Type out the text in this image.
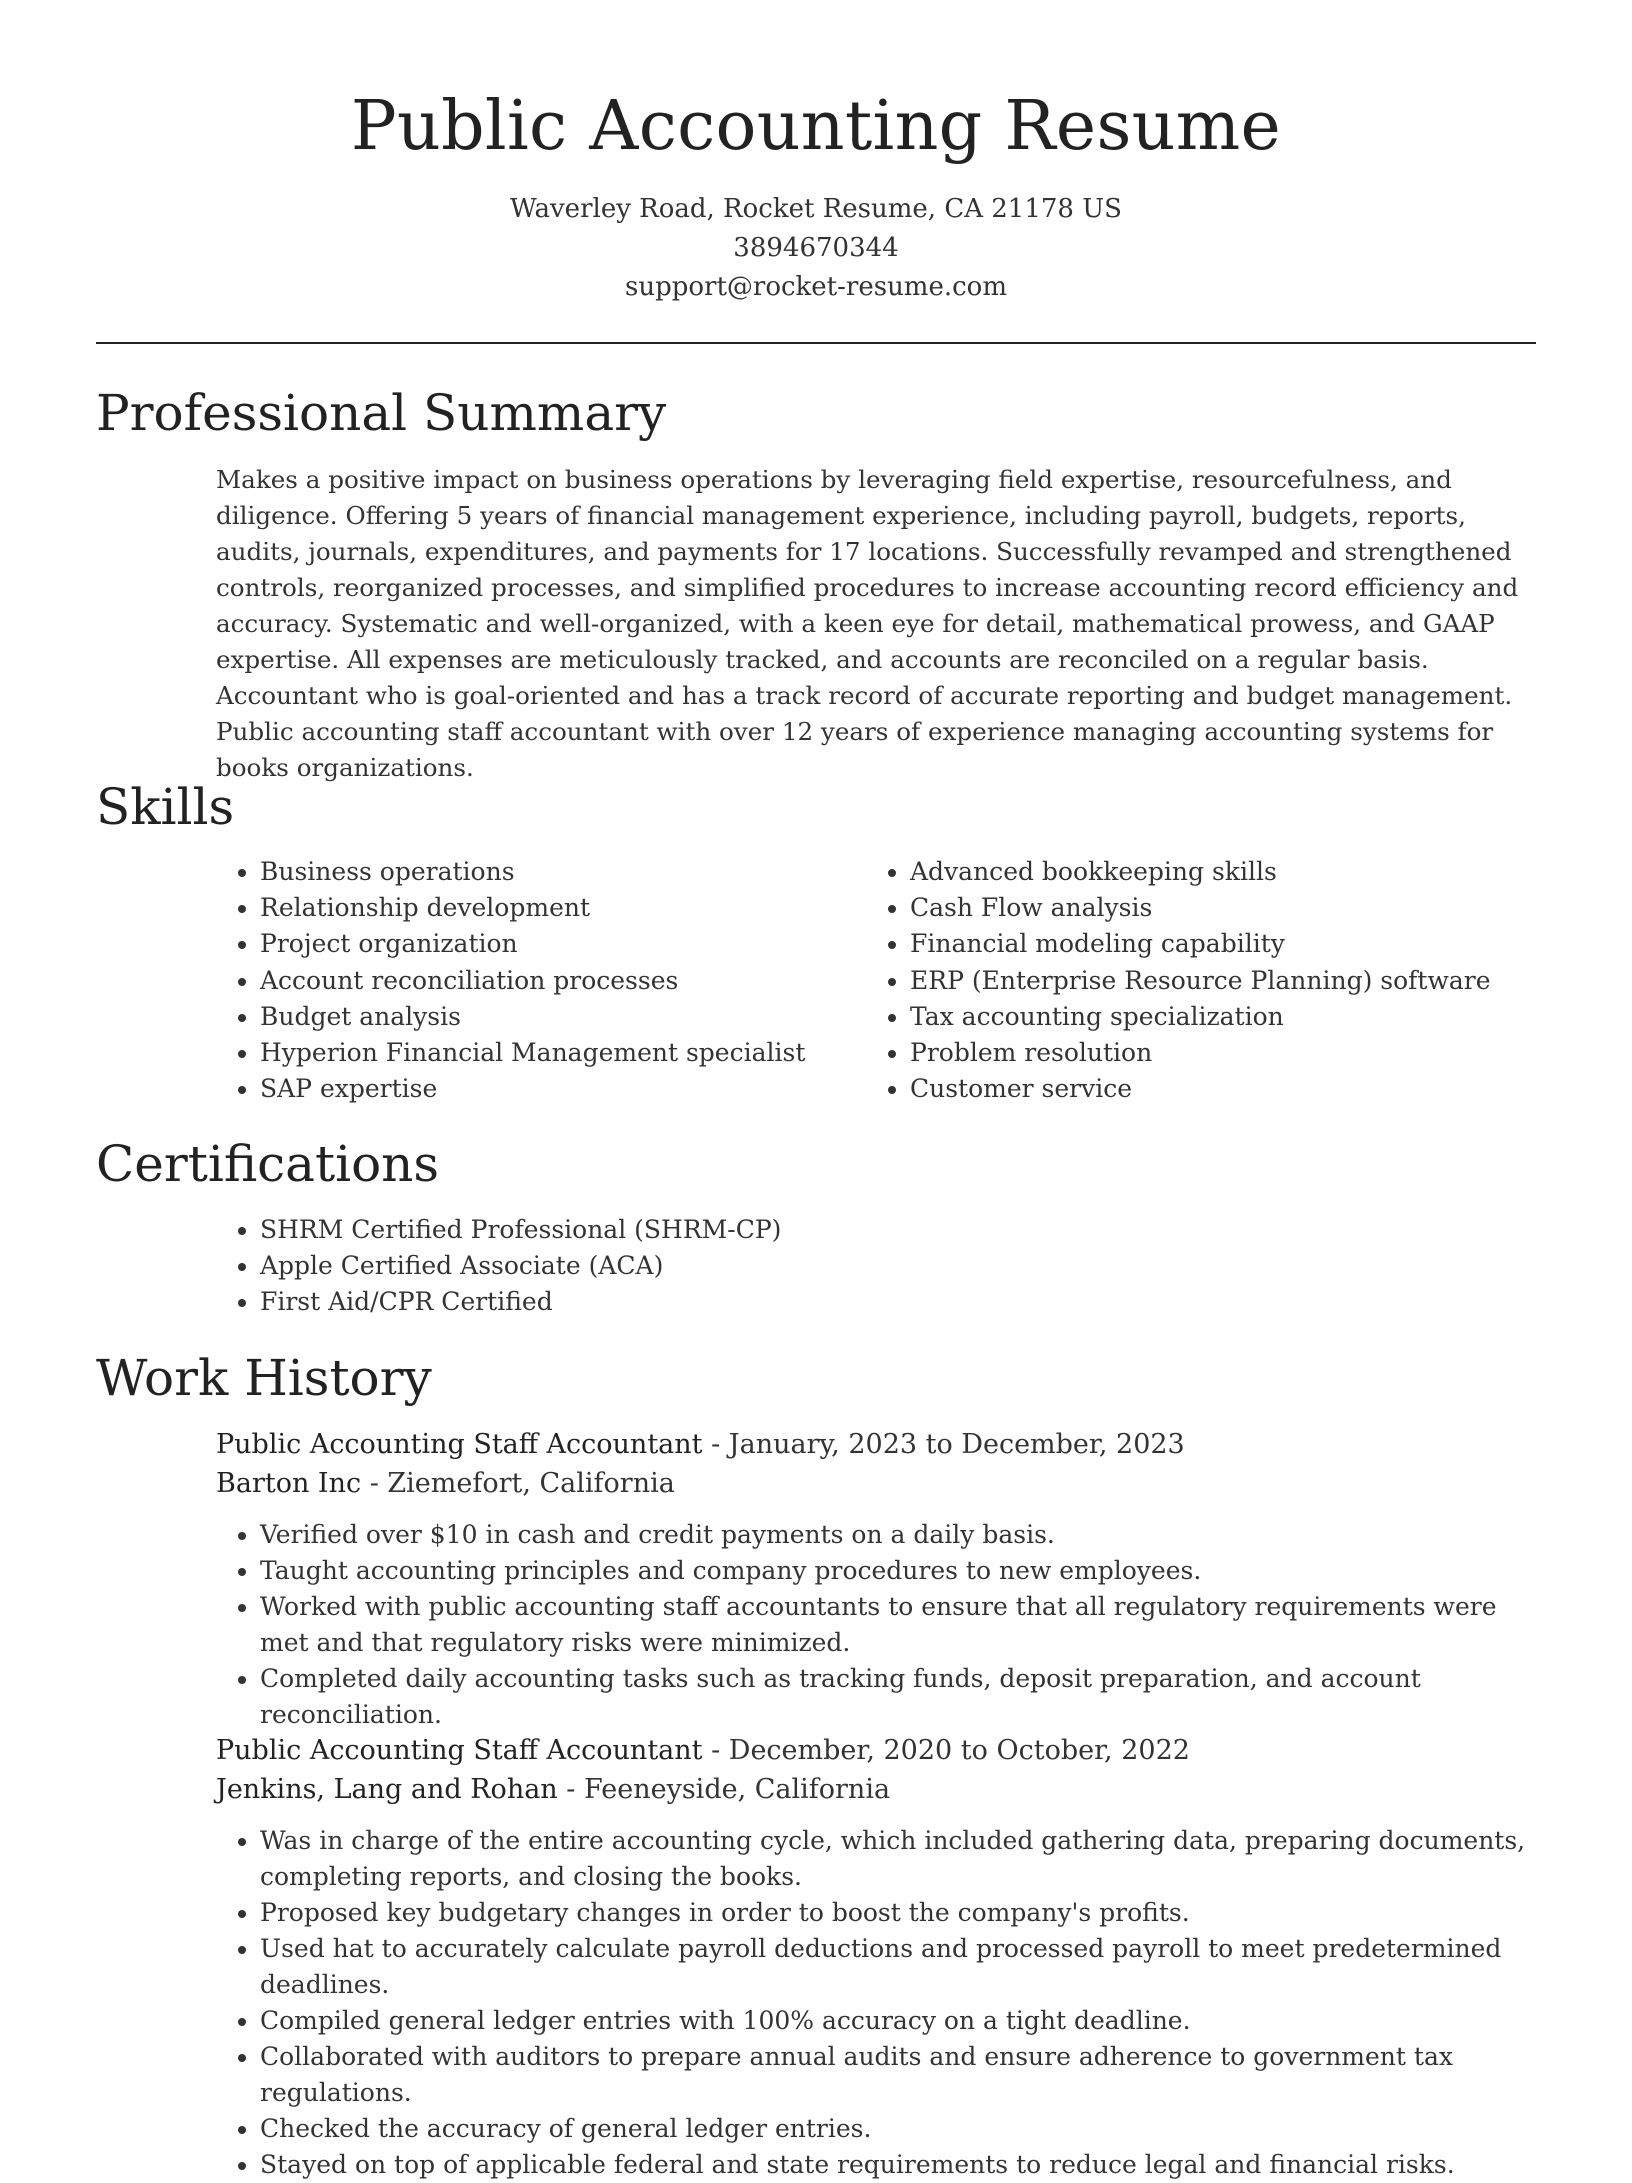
Public Accounting Resume
Waverley Road, Rocket Resume, CA 21178 US
3894670344
support@rocket-resume.com
Professional Summary

Makes a positive impact on business operations by leveraging field expertise, resourcefulness, and diligence. Offering 5 years of financial management experience, including payroll, budgets, reports, audits, journals, expenditures, and payments for 17 locations. Successfully revamped and strengthened controls, reorganized processes, and simplified procedures to increase accounting record efficiency and accuracy. Systematic and well-organized, with a keen eye for detail, mathematical prowess, and GAAP expertise. All expenses are meticulously tracked, and accounts are reconciled on a regular basis. Accountant who is goal-oriented and has a track record of accurate reporting and budget management. Public accounting staff accountant with over 12 years of experience managing accounting systems for books organizations.

Skills
• Business operations
• Relationship development
• Project organization
• Account reconciliation processes
• Budget analysis
• Hyperion Financial Management specialist
• SAP expertise
• Advanced bookkeeping skills
• Cash Flow analysis
• Financial modeling capability
• ERP (Enterprise Resource Planning) software
• Tax accounting specialization
• Problem resolution
• Customer service
Certifications
• SHRM Certified Professional (SHRM-CP)
• Apple Certified Associate (ACA)
• First Aid/CPR Certified
Work History

Public Accounting Staff Accountant - January, 2023 to December, 2023

Barton Inc - Ziemefort, California

• Verified over $10 in cash and credit payments on a daily basis.
• Taught accounting principles and company procedures to new employees.
• Worked with public accounting staff accountants to ensure that all regulatory requirements were met and that regulatory risks were minimized.
• Completed daily accounting tasks such as tracking funds, deposit preparation, and account reconciliation.

Public Accounting Staff Accountant - December, 2020 to October, 2022

Jenkins, Lang and Rohan - Feeneyside, California

• Was in charge of the entire accounting cycle, which included gathering data, preparing documents, completing reports, and closing the books.
• Proposed key budgetary changes in order to boost the company's profits.
• Used hat to accurately calculate payroll deductions and processed payroll to meet predetermined deadlines.
• Compiled general ledger entries with 100% accuracy on a tight deadline.
• Collaborated with auditors to prepare annual audits and ensure adherence to government tax regulations.
• Checked the accuracy of general ledger entries.
• Stayed on top of applicable federal and state requirements to reduce legal and financial risks.
